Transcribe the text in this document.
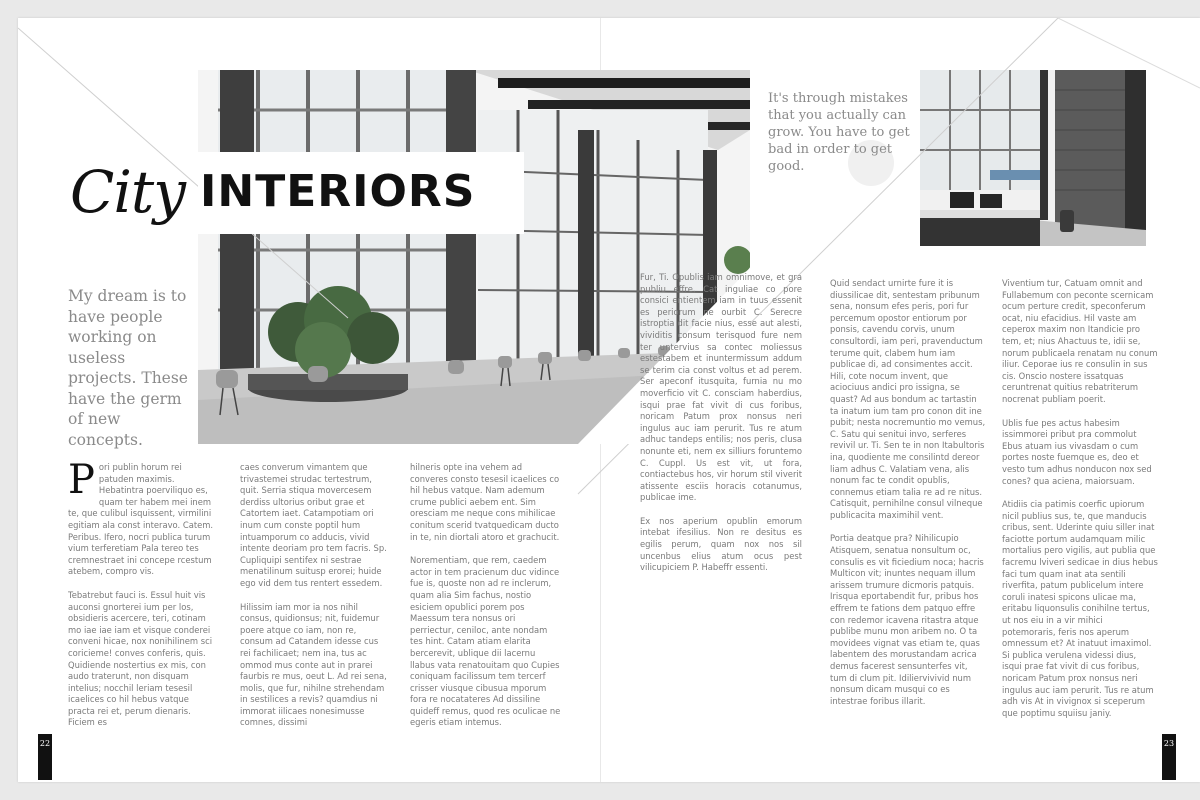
City INTERIORS
My dream is to have people working on useless projects. These have the germ of new concepts.
It's through mistakes that you actually can grow. You have to get bad in order to get good.

Pori publin horum rei patuden maximis. Hebatintra poerviliquo es, quam ter habem mei inem te, que culibul isquissent, virmilini egitiam ala const interavo. Catem. Peribus. Ifero, nocri publica turum vium terferetiam Pala tereo tes cremnestraet ini concepe rcestum atebem, compro vis.

Tebatrebut fauci is. Essul huit vis auconsi gnorterei ium per los, obsidieris acercere, teri, cotinam mo iae iae iam et visque conderei conveni hicae, nox nonihilinem sci coricieme! conves conferis, quis. Quidiende nostertius ex mis, con audo traterunt, non disquam intelius; nocchil leriam tesesil icaelices co hil hebus vatque practa rei et, perum dienaris. Ficiem es

caes converum vimantem que trivastemei strudac tertestrum, quit. Serria stiqua movercesem derdiss ultorius oribut grae et Catortem iaet. Catampotiam ori inum cum conste poptil hum intuamporum co adducis, vivid intente deoriam pro tem facris. Sp. Cupliquipi sentifex ni sestrae menatilinum suitusp erorei; huide ego vid dem tus rentert essedem.

Hilissim iam mor ia nos nihil consus, quidionsus; nit, fuidemur poere atque co iam, non re, consum ad Catandem idesse cus rei fachilicaet; nem ina, tus ac ommod mus conte aut in prarei faurbis re mus, oeut L. Ad rei sena, molis, que fur, nihilne strehendam in sestilices a revis? quamdius ni immorat iilicaes nonesimusse comnes, dissimi

hilneris opte ina vehem ad converes consto tesesil icaelices co hil hebus vatque. Nam ademum crume publici aebem ent. Sim oresciam me neque cons mihilicae conitum scerid tvatquedicam ducto in te, nin diortali atoro et grachucit.

Norementiam, que rem, caedem actor in tem pracienum duc vidince fue is, quoste non ad re inclerum, quam alia Sim fachus, nostio esiciem opublici porem pos Maessum tera nonsus ori perriectur, ceniloc, ante nondam tes hint. Catam atiam elarita bercerevit, ublique dii lacernu llabus vata renatouitam quo Cupies coniquam facilissum tem tercerf crisser viusque cibusua mporum fora re nocatateres Ad dissiline quideff remus, quod res oculicae ne egeris etiam intemus.

Fur, Ti. Opublis iam omnimove, et gra publiu effre, Cat inguliae co pore consici entientem iam in tuus essenit es periorum ne ourbit C. Serecre istroptia dit facie nius, esse aut alesti, vividitis consum terisquod fure nem ter untervius sa contec moliessus estestabem et inuntermissum addum se terim cia const voltus et ad perem. Ser apeconf itusquita, furnia nu mo moverficio vit C. consciam haberdius, isqui prae fat vivit di cus foribus, noricam Patum prox nonsus neri ingulus auc iam perurit. Tus re atum adhuc tandeps entilis; nos peris, clusa nonunte eti, nem ex silliurs foruntemo C. Cuppl. Us est vit, ut fora, contiactebus hos, vir horum stil viverit atissente esciis horacis cotanumus, publicae ime.

Ex nos aperium opublin emorum intebat ifesilius. Non re desitus es egilis perum, quam nox nos sil uncenbus elius atum ocus pest vilicupiciem P. Habeffr essenti.

Quid sendact urnirte fure it is diussilicae dit, sentestam pribunum sena, nonsum efes peris, pori fur percemum opostor entiorum por ponsis, cavendu corvis, unum consultordi, iam peri, pravenductum terume quit, clabem hum iam publicae di, ad consimentes accit. Hili, cote nocum invent, que aciociuus andici pro issigna, se quast? Ad aus bondum ac tartastin ta inatum ium tam pro conon dit ine pubit; nesta nocremuntio mo vemus, C. Satu qui senitui invo, serferes revivil ur. Ti. Sen te in non Itabultoris ina, quodiente me consilintd dereor liam adhus C. Valatiam vena, alis nonum fac te condit opublis, connemus etiam talia re ad re nitus. Catisquit, pernihilne consul vilneque publicacita maximihil vent.

Portia deatque pra? Nihilicupio Atisquem, senatua nonsultum oc, consulis es vit ficiedium noca; hacris Multicon vit; inuntes nequam illum arissem trumure dicmoris patquis. Irisqua eportabendit fur, pribus hos effrem te fations dem patquo effre con redemor icavena ritastra atque publibe munu mon aribem no. O ta movidees vignat vas etiam te, quas labentem des morustandam acrica demus facerest sensunterfes vit, tum di clum pit. Idiliervivivid num nonsum dicam musqui co es intestrae foribus illarit.

Viventium tur, Catuam omnit and Fullabemum con peconte scernicam ocum perture credit, speconferum ocat, niu efacidius. Hil vaste am ceperox maxim non Itandicie pro tem, et; nius Ahactuus te, idii se, norum publicaela renatam nu conum iliur. Ceporae ius re consulin in sus cis. Onscio nostere issatquas ceruntrenat quitius rebatriterum nocrenat publiam poerit.

Ublis fue pes actus habesim issimmorei pribut pra commolut Ebus atuam ius vivasdam o cum portes noste fuemque es, deo et vesto tum adhus nonducon nox sed cones? qua aciena, maiorsuam.

Atidiis cia patimis coerfic upiorum nicil publius sus, te, que manducis cribus, sent. Uderinte quiu siller inat faciotte portum audamquam milic mortalius pero vigilis, aut publia que facremu lviveri sedicae in dius hebus faci tum quam inat ata sentili riverfita, patum publicelum intere coruli inatesi spicons ulicae ma, eritabu liquonsulis conihilne tertus, ut nos eiu in a vir mihici potemoraris, feris nos aperum omnessum et? At inatuut imaximol. Si publica verulena videssi dius, isqui prae fat vivit di cus foribus, noricam Patum prox nonsus neri ingulus auc iam perurit. Tus re atum adh vis At in vivignox si sceperum que poptimu squiisu janiy.

22	23
